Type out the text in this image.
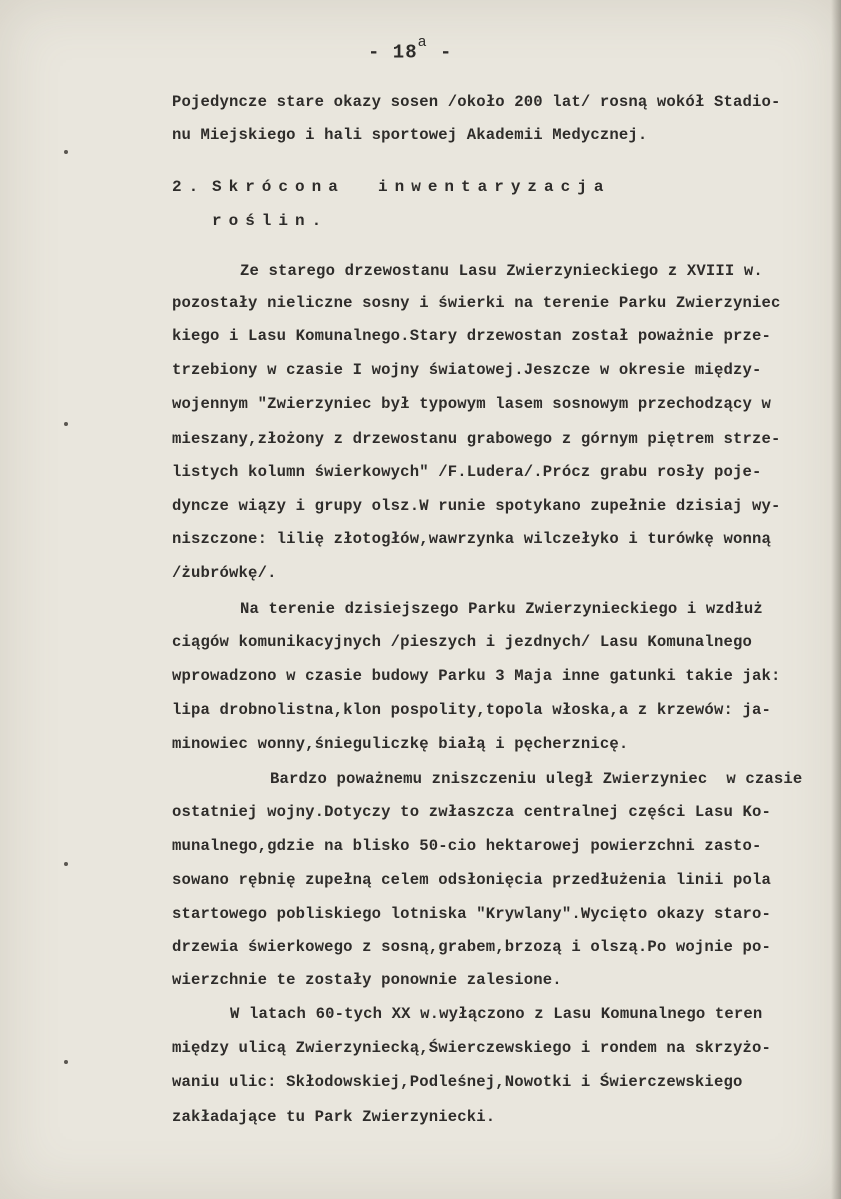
- 18$^a$ -
Pojedyncze stare okazy sosen /około 200 lat/ rosną wokół Stadio-
nu Miejskiego i hali sportowej Akademii Medycznej.
2. Skrócona  inwentaryzacja
roślin.
Ze starego drzewostanu Lasu Zwierzynieckiego z XVIII w.
pozostały nieliczne sosny i świerki na terenie Parku Zwierzyniec
kiego i Lasu Komunalnego.Stary drzewostan został poważnie prze-
trzebiony w czasie I wojny światowej.Jeszcze w okresie między-
wojennym "Zwierzyniec był typowym lasem sosnowym przechodzący w
mieszany,złożony z drzewostanu grabowego z górnym piętrem strze-
listych kolumn świerkowych" /F.Ludera/.Prócz grabu rosły poje-
dyncze wiązy i grupy olsz.W runie spotykano zupełnie dzisiaj wy-
niszczone: lilię złotogłów,wawrzynka wilczełyko i turówkę wonną
/żubrówkę/.
Na terenie dzisiejszego Parku Zwierzynieckiego i wzdłuż
ciągów komunikacyjnych /pieszych i jezdnych/ Lasu Komunalnego
wprowadzono w czasie budowy Parku 3 Maja inne gatunki takie jak:
lipa drobnolistna,klon pospolity,topola włoska,a z krzewów: ja-
minowiec wonny,śnieguliczkę białą i pęcherznicę.
Bardzo poważnemu zniszczeniu uległ Zwierzyniec  w czasie
ostatniej wojny.Dotyczy to zwłaszcza centralnej części Lasu Ko-
munalnego,gdzie na blisko 50-cio hektarowej powierzchni zasto-
sowano rębnię zupełną celem odsłonięcia przedłużenia linii pola
startowego pobliskiego lotniska "Krywlany".Wycięto okazy staro-
drzewia świerkowego z sosną,grabem,brzozą i olszą.Po wojnie po-
wierzchnie te zostały ponownie zalesione.
W latach 60-tych XX w.wyłączono z Lasu Komunalnego teren
między ulicą Zwierzyniecką,Świerczewskiego i rondem na skrzyżo-
waniu ulic: Skłodowskiej,Podleśnej,Nowotki i Świerczewskiego
zakładające tu Park Zwierzyniecki.
